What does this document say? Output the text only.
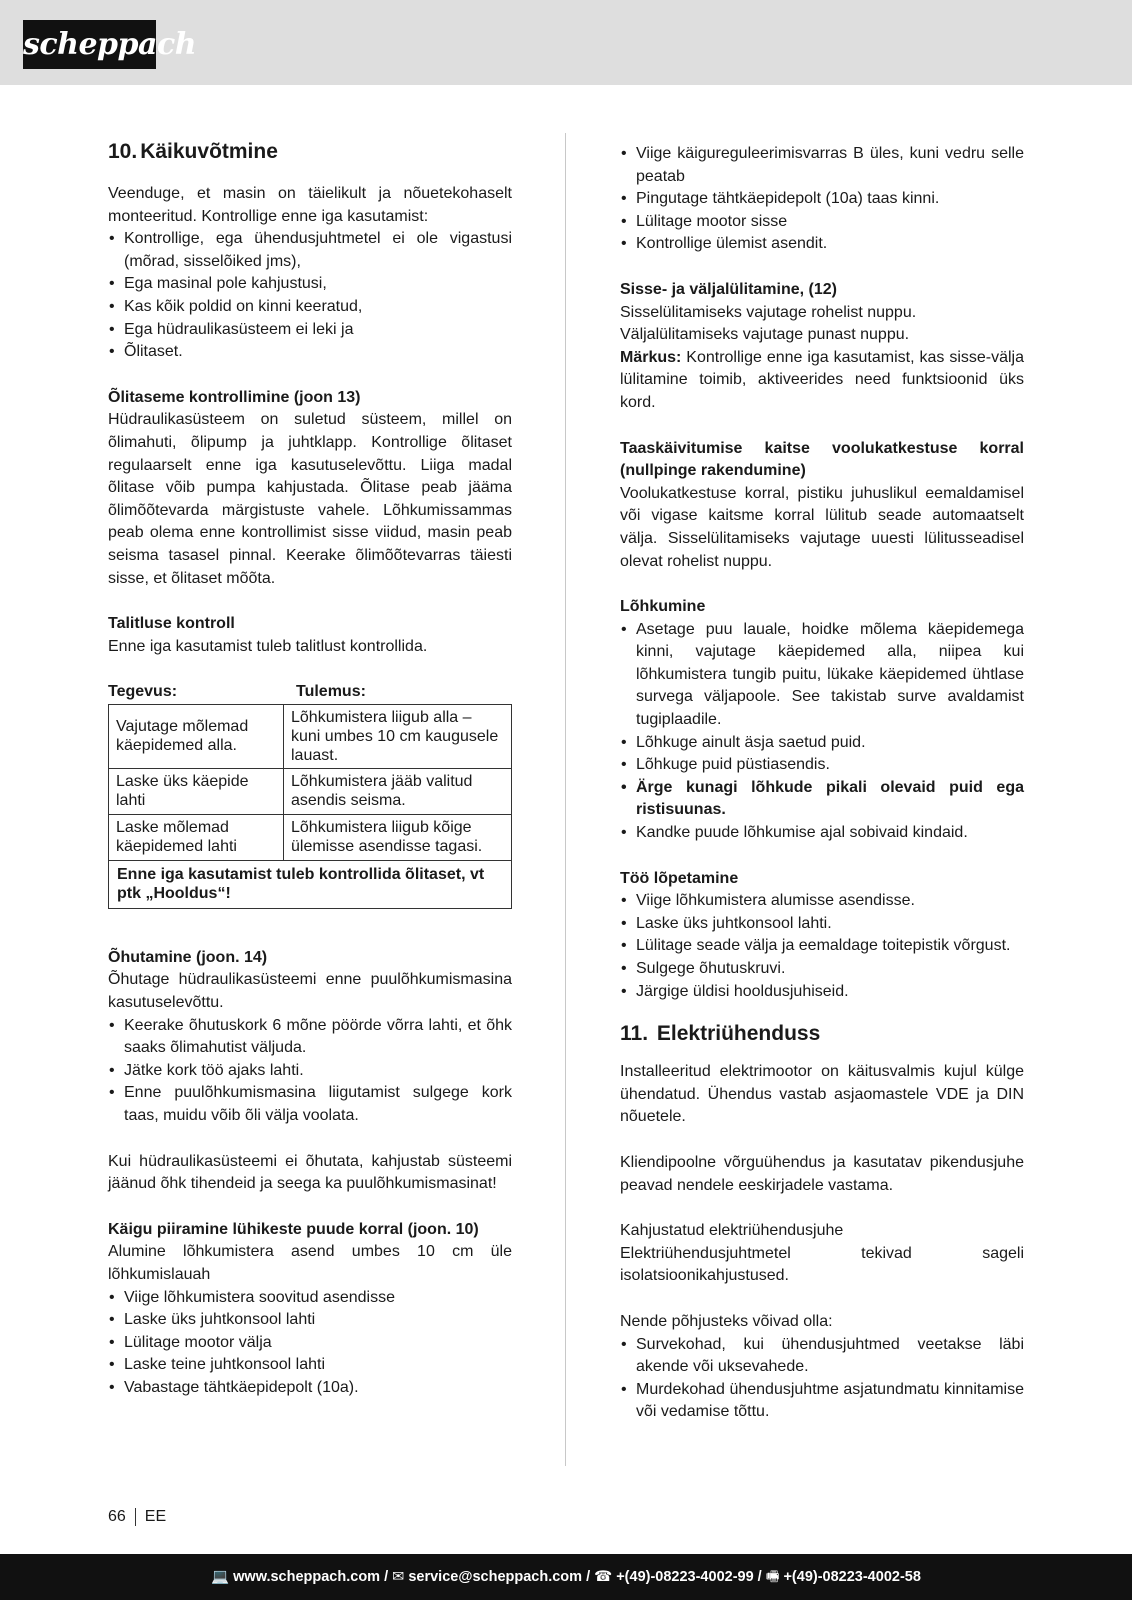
scheppach
10. Käikuvõtmine

Veenduge, et masin on täielikult ja nõuetekohaselt monteeritud. Kontrollige enne iga kasutamist:

• Kontrollige, ega ühendusjuhtmetel ei ole vigastusi (mõrad, sisselõiked jms),
• Ega masinal pole kahjustusi,
• Kas kõik poldid on kinni keeratud,
• Ega hüdraulikasüsteem ei leki ja
• Õlitaset.

Õlitaseme kontrollimine (joon 13)

Hüdraulikasüsteem on suletud süsteem, millel on õlimahuti, õlipump ja juhtklapp. Kontrollige õlitaset regulaarselt enne iga kasutuselevõttu. Liiga madal õlitase võib pumpa kahjustada. Õlitase peab jääma õlimõõtevarda märgistuste vahele. Lõhkumissammas peab olema enne kontrollimist sisse viidud, masin peab seisma tasasel pinnal. Keerake õlimõõtevarras täiesti sisse, et õlitaset mõõta.

Talitluse kontroll

Enne iga kasutamist tuleb talitlust kontrollida.

Tegevus:	Tulemus:
Vajutage mõlemad käepidemed alla.	Lõhkumistera liigub alla – kuni umbes 10 cm kaugusele lauast.
Laske üks käepide lahti	Lõhkumistera jääb valitud asendis seisma.
Laske mõlemad käepidemed lahti	Lõhkumistera liigub kõige ülemisse asendisse tagasi.
Enne iga kasutamist tuleb kontrollida õlitaset, vt ptk „Hooldus“!	

Õhutamine (joon. 14)

Õhutage hüdraulikasüsteemi enne puulõhkumismasina kasutuselevõttu.

• Keerake õhutuskork 6 mõne pöörde võrra lahti, et õhk saaks õlimahutist väljuda.
• Jätke kork töö ajaks lahti.
• Enne puulõhkumismasina liigutamist sulgege kork taas, muidu võib õli välja voolata.

Kui hüdraulikasüsteemi ei õhutata, kahjustab süsteemi jäänud õhk tihendeid ja seega ka puulõhkumismasinat!

Käigu piiramine lühikeste puude korral (joon. 10)

Alumine lõhkumistera asend umbes 10 cm üle lõhkumislauah

• Viige lõhkumistera soovitud asendisse
• Laske üks juhtkonsool lahti
• Lülitage mootor välja
• Laske teine juhtkonsool lahti
• Vabastage tähtkäepidepolt (10a).
• Viige käigureguleerimisvarras B üles, kuni vedru selle peatab
• Pingutage tähtkäepidepolt (10a) taas kinni.
• Lülitage mootor sisse
• Kontrollige ülemist asendit.

Sisse- ja väljalülitamine, (12)

Sisselülitamiseks vajutage rohelist nuppu.

Väljalülitamiseks vajutage punast nuppu.

Märkus: Kontrollige enne iga kasutamist, kas sisse-välja lülitamine toimib, aktiveerides need funktsioonid üks kord.

Taaskäivitumise kaitse voolukatkestuse korral (nullpinge rakendumine)

Voolukatkestuse korral, pistiku juhuslikul eemaldamisel või vigase kaitsme korral lülitub seade automaatselt välja. Sisselülitamiseks vajutage uuesti lülitusseadisel olevat rohelist nuppu.

Lõhkumine

• Asetage puu lauale, hoidke mõlema käepidemega kinni, vajutage käepidemed alla, niipea kui lõhkumistera tungib puitu, lükake käepidemed ühtlase survega väljapoole. See takistab surve avaldamist tugiplaadile.
• Lõhkuge ainult äsja saetud puid.
• Lõhkuge puid püstiasendis.
• Ärge kunagi lõhkude pikali olevaid puid ega ristisuunas.
• Kandke puude lõhkumise ajal sobivaid kindaid.

Töö lõpetamine

• Viige lõhkumistera alumisse asendisse.
• Laske üks juhtkonsool lahti.
• Lülitage seade välja ja eemaldage toitepistik võrgust.
• Sulgege õhutuskruvi.
• Järgige üldisi hooldusjuhiseid.
11. Elektriühenduss

Installeeritud elektrimootor on käitusvalmis kujul külge ühendatud. Ühendus vastab asjaomastele VDE ja DIN nõuetele.

Kliendipoolne võrguühendus ja kasutatav pikendusjuhe peavad nendele eeskirjadele vastama.

Kahjustatud elektriühendusjuhe

Elektriühendusjuhtmetel tekivad sageli isolatsioonikahjustused.

Nende põhjusteks võivad olla:

• Survekohad, kui ühendusjuhtmed veetakse läbi akende või uksevahede.
• Murdekohad ühendusjuhtme asjatundmatu kinnitamise või vedamise tõttu.
66 EE
💻 www.scheppach.com / ✉ service@scheppach.com / ☎ +(49)-08223-4002-99 / 🖷 +(49)-08223-4002-58
